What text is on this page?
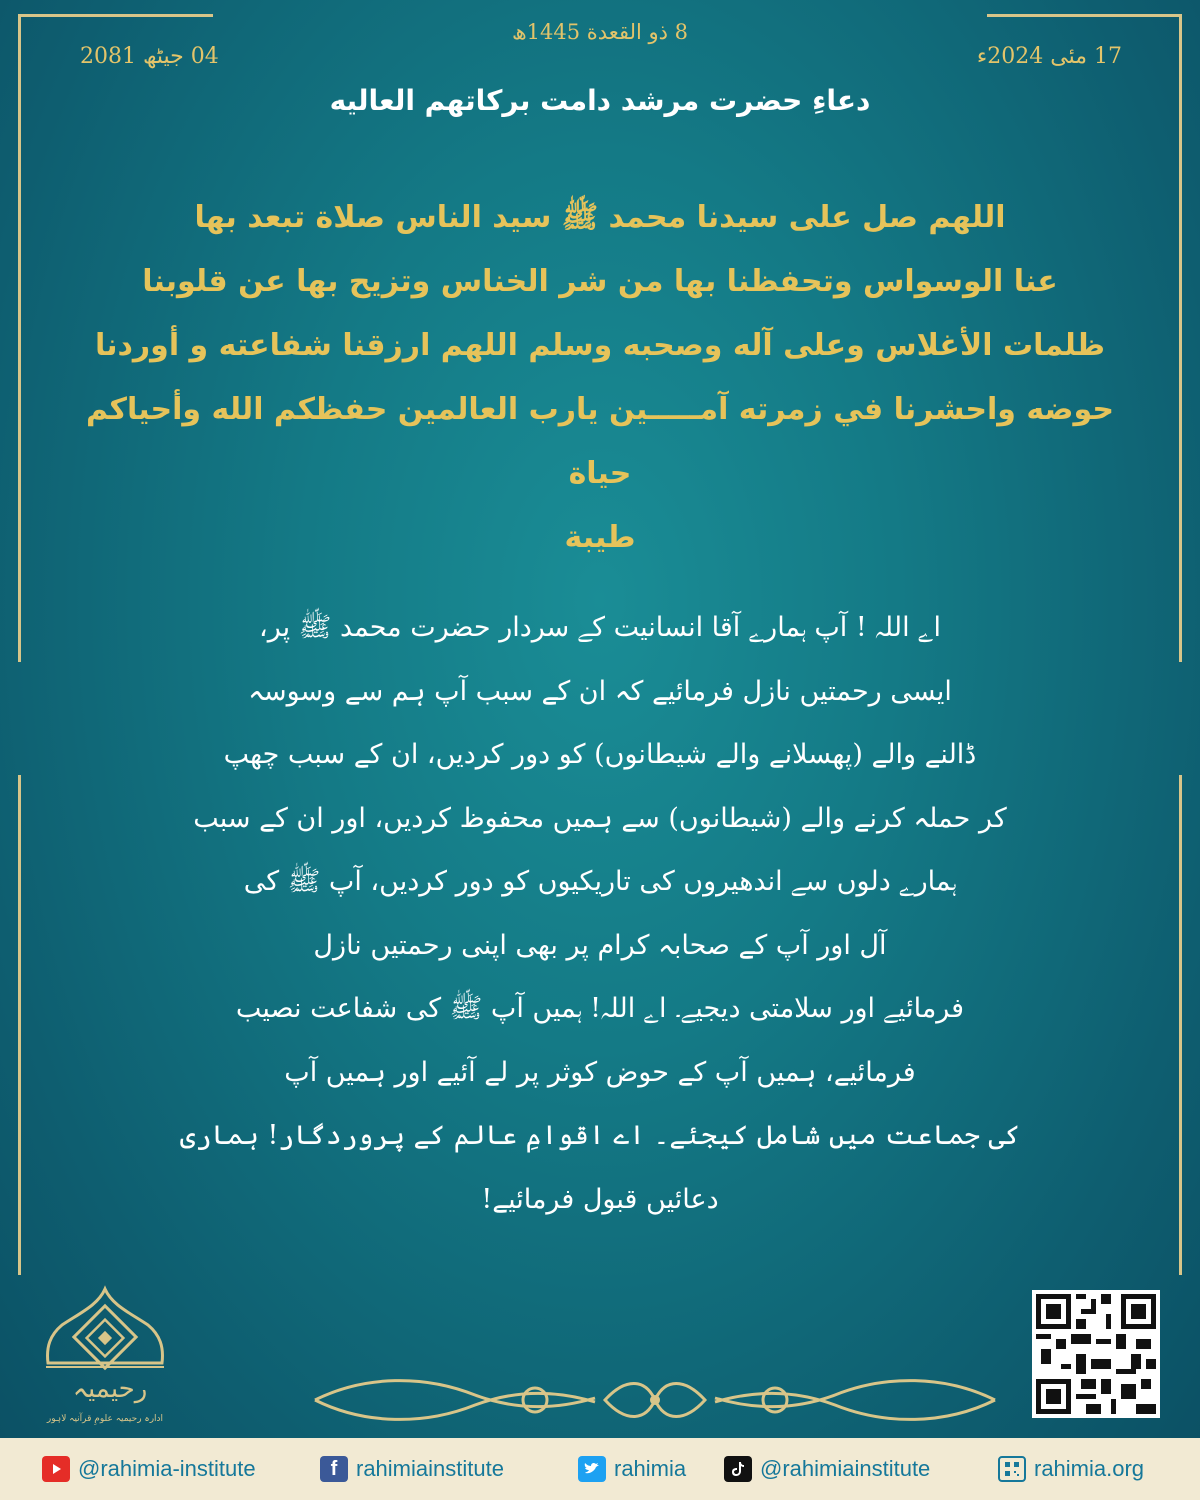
17 مئی 2024ء
8 ذو القعدة 1445ھ
04 جیٹھ 2081
دعاءِ حضرت مرشد دامت برکاتهم العالیه
اللهم صل علی سیدنا محمد ﷺ سید الناس صلاة تبعد بها
عنا الوسواس وتحفظنا بها من شر الخناس وتزیح بها عن قلوبنا
ظلمات الأغلاس وعلی آله وصحبه وسلم اللهم ارزقنا شفاعته و أوردنا
حوضه واحشرنا في زمرته آمـــــین یارب العالمین حفظکم الله وأحیاکم حیاة
طیبة
اے اللہ ! آپ ہمارے آقا انسانیت کے سردار حضرت محمد ﷺ پر،
ایسی رحمتیں نازل فرمائیے کہ ان کے سبب آپ ہم سے وسوسہ
ڈالنے والے (پھسلانے والے شیطانوں) کو دور کردیں، ان کے سبب چھپ
کر حملہ کرنے والے (شیطانوں) سے ہمیں محفوظ کردیں، اور ان کے سبب
ہمارے دلوں سے اندھیروں کی تاریکیوں کو دور کردیں، آپ ﷺ کی
آل اور آپ کے صحابہ کرام پر بھی اپنی رحمتیں نازل
فرمائیے اور سلامتی دیجیے۔ اے اللہ! ہمیں آپ ﷺ کی شفاعت نصیب
فرمائیے، ہمیں آپ کے حوض کوثر پر لے آئیے اور ہمیں آپ
کی جماعت میں شامل کیجئے۔ اے اقوامِ عالم کے پروردگار! ہماری
دعائیں قبول فرمائیے!
رحیمیہ
ادارہ رحیمیہ علومِ قرآنیہ لاہور
@rahimia-institute	f rahimiainstitute	rahimia	@rahimiainstitute	rahimia.org
